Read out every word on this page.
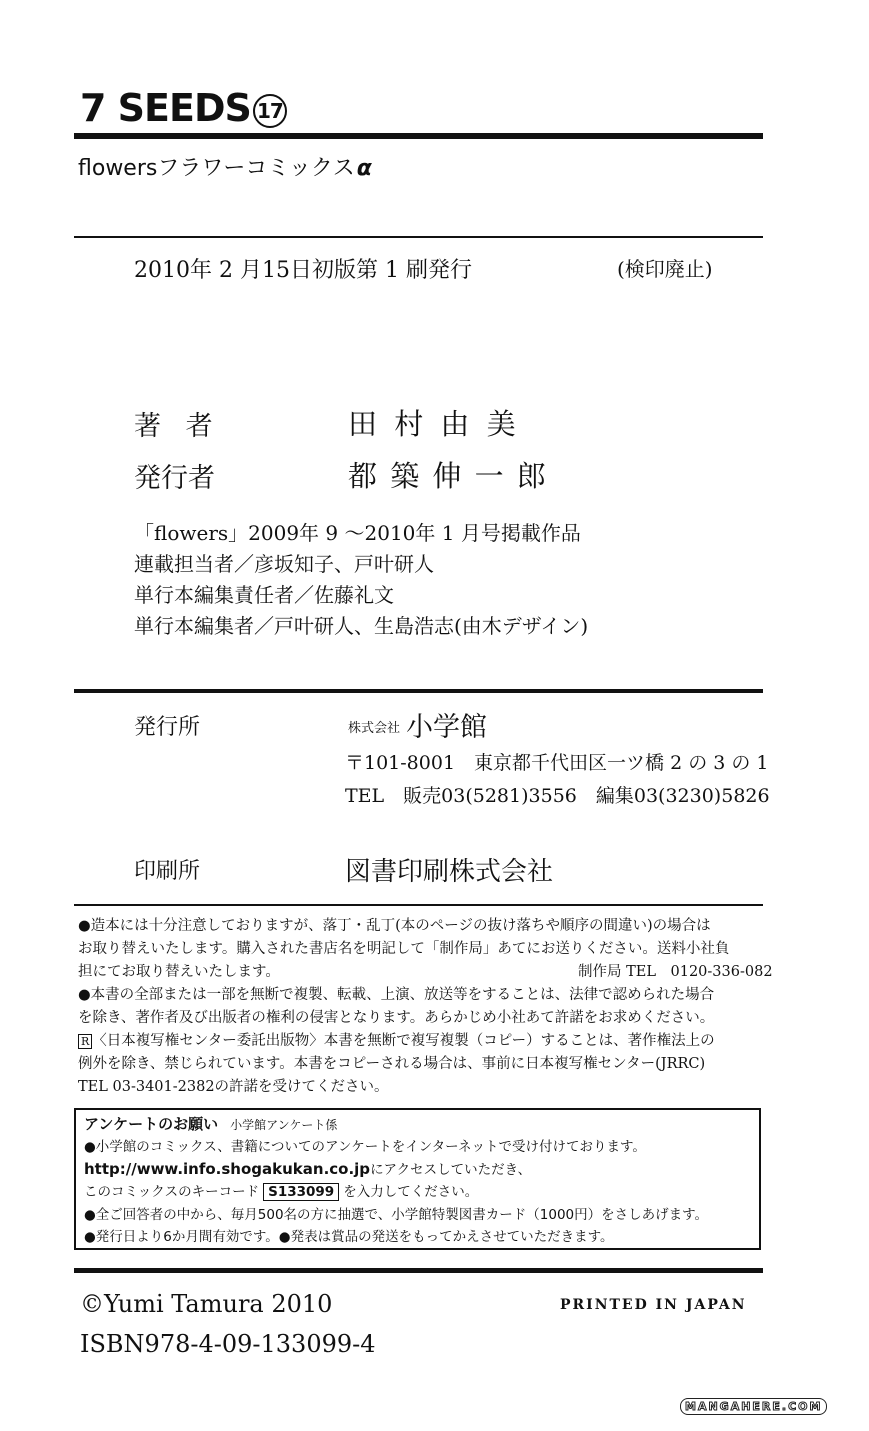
7 SEEDS 17
flowersフラワーコミックスα
2010年 2 月15日初版第 1 刷発行	(検印廃止)
著 者	田 村 由 美
発行者	都 築 伸 一 郎
「flowers」2009年 9 ～2010年 1 月号掲載作品
連載担当者／彦坂知子、戸叶研人
単行本編集責任者／佐藤礼文
単行本編集者／戸叶研人、生島浩志(由木デザイン)
発行所	$^{株式会社}$ 小学館
〒101-8001　東京都千代田区一ツ橋 2 の 3 の 1
TEL　販売03(5281)3556　編集03(3230)5826
印刷所	図書印刷株式会社
●造本には十分注意しておりますが、落丁・乱丁(本のページの抜け落ちや順序の間違い)の場合は
お取り替えいたします。購入された書店名を明記して「制作局」あてにお送りください。送料小社負
担にてお取り替えいたします。	制作局 TEL　0120-336-082
●本書の全部または一部を無断で複製、転載、上演、放送等をすることは、法律で認められた場合
を除き、著作者及び出版者の権利の侵害となります。あらかじめ小社あて許諾をお求めください。
R 〈日本複写権センター委託出版物〉本書を無断で複写複製（コピー）することは、著作権法上の
例外を除き、禁じられています。本書をコピーされる場合は、事前に日本複写権センター(JRRC)
TEL 03-3401-2382の許諾を受けてください。
アンケートのお願い 小学館アンケート係
●小学館のコミックス、書籍についてのアンケートをインターネットで受け付けております。
http://www.info.shogakukan.co.jpにアクセスしていただき、
このコミックスのキーコード S133099 を入力してください。
●全ご回答者の中から、毎月500名の方に抽選で、小学館特製図書カード（1000円）をさしあげます。
●発行日より6か月間有効です。●発表は賞品の発送をもってかえさせていただきます。
©Yumi Tamura 2010	PRINTED IN JAPAN
ISBN978-4-09-133099-4
MANGAHERE.COM
